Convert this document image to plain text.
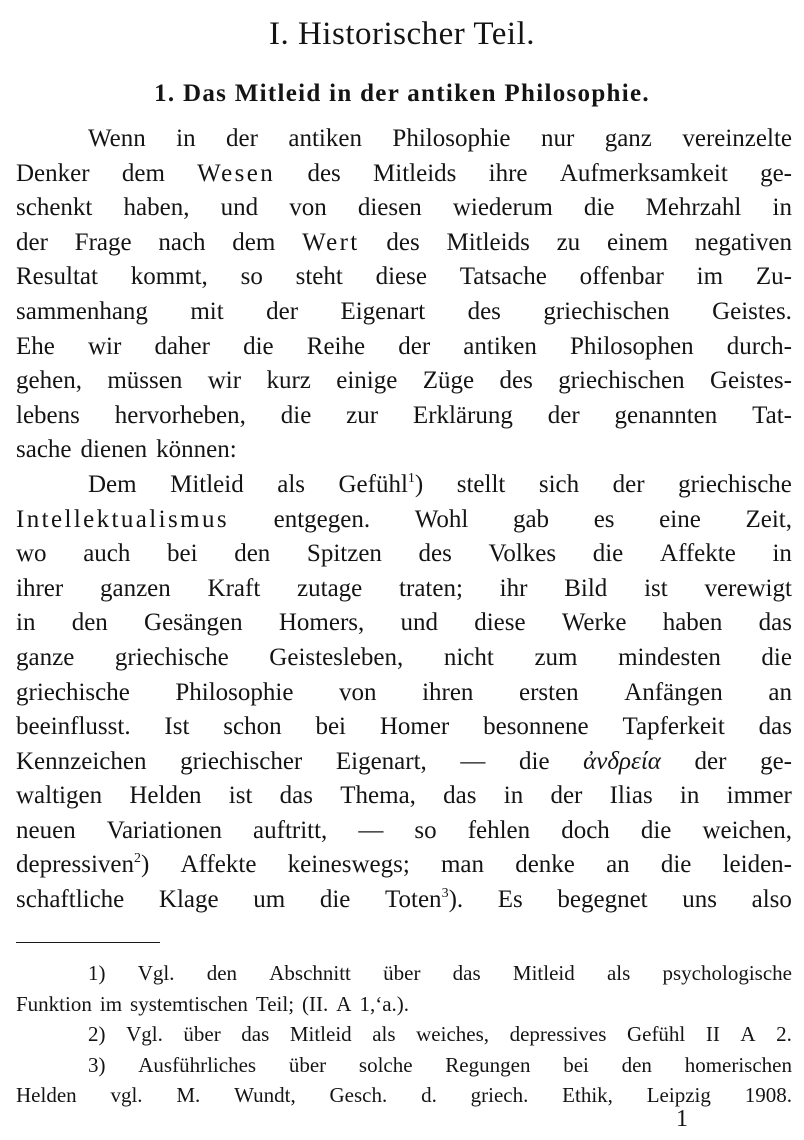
I. Historischer Teil.
1. Das Mitleid in der antiken Philosophie.
Wenn in der antiken Philosophie nur ganz vereinzelte
Denker dem Wesen des Mitleids ihre Aufmerksamkeit ge-
schenkt haben, und von diesen wiederum die Mehrzahl in
der Frage nach dem Wert des Mitleids zu einem negativen
Resultat kommt, so steht diese Tatsache offenbar im Zu-
sammenhang mit der Eigenart des griechischen Geistes.
Ehe wir daher die Reihe der antiken Philosophen durch-
gehen, müssen wir kurz einige Züge des griechischen Geistes-
lebens hervorheben, die zur Erklärung der genannten Tat-
sache dienen können:
Dem Mitleid als Gefühl$^1$) stellt sich der griechische
Intellektualismus entgegen. Wohl gab es eine Zeit,
wo auch bei den Spitzen des Volkes die Affekte in
ihrer ganzen Kraft zutage traten; ihr Bild ist verewigt
in den Gesängen Homers, und diese Werke haben das
ganze griechische Geistesleben, nicht zum mindesten die
griechische Philosophie von ihren ersten Anfängen an
beeinflusst. Ist schon bei Homer besonnene Tapferkeit das
Kennzeichen griechischer Eigenart, — die ἀνδρεία der ge-
waltigen Helden ist das Thema, das in der Ilias in immer
neuen Variationen auftritt, — so fehlen doch die weichen,
depressiven$^2$) Affekte keineswegs; man denke an die leiden-
schaftliche Klage um die Toten$^3$). Es begegnet uns also
1) Vgl. den Abschnitt über das Mitleid als psychologische
Funktion im systemtischen Teil; (II. A 1,ʻa.).
2) Vgl. über das Mitleid als weiches, depressives Gefühl II A 2.
3) Ausführliches über solche Regungen bei den homerischen
Helden vgl. M. Wundt, Gesch. d. griech. Ethik, Leipzig 1908.
1
